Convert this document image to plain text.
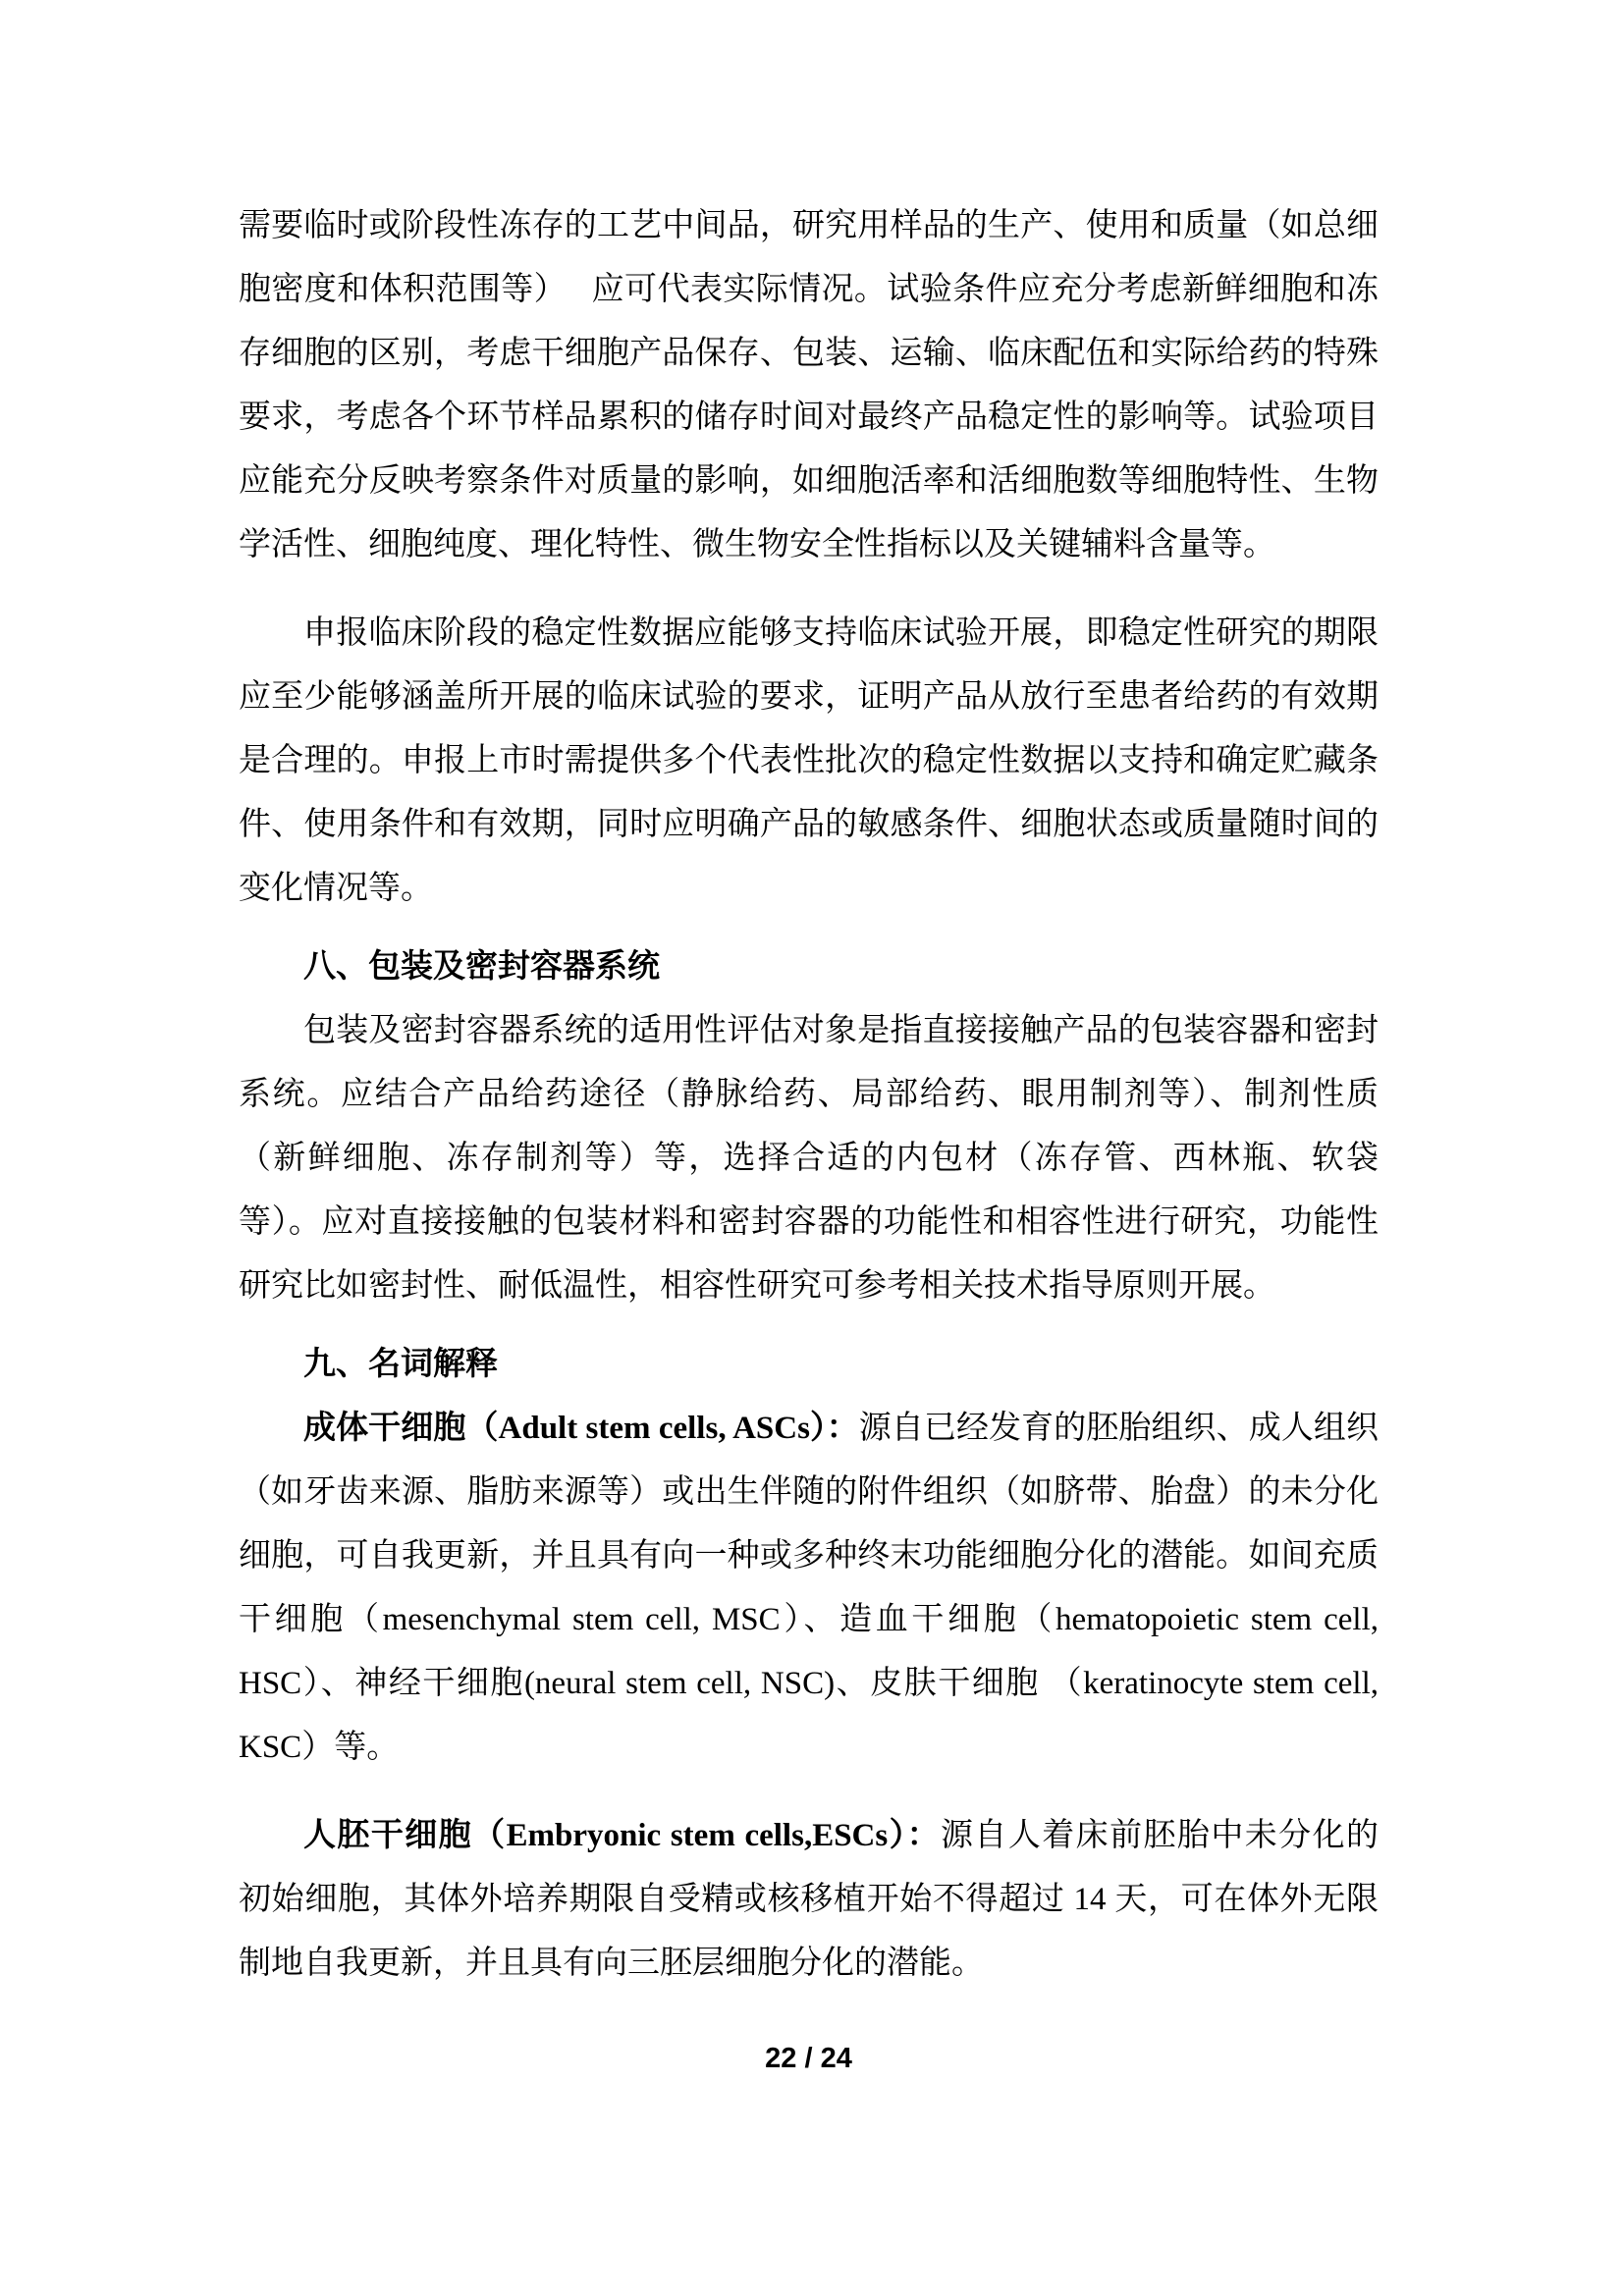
需要临时或阶段性冻存的工艺中间品，研究用样品的生产、使用和质量（如总细胞密度和体积范围等）　 应可代表实际情况。试验条件应充分考虑新鲜细胞和冻存细胞的区别，考虑干细胞产品保存、包装、运输、临床配伍和实际给药的特殊要求，考虑各个环节样品累积的储存时间对最终产品稳定性的影响等。试验项目应能充分反映考察条件对质量的影响，如细胞活率和活细胞数等细胞特性、生物学活性、细胞纯度、理化特性、微生物安全性指标以及关键辅料含量等。

申报临床阶段的稳定性数据应能够支持临床试验开展，即稳定性研究的期限应至少能够涵盖所开展的临床试验的要求，证明产品从放行至患者给药的有效期是合理的。申报上市时需提供多个代表性批次的稳定性数据以支持和确定贮藏条件、使用条件和有效期，同时应明确产品的敏感条件、细胞状态或质量随时间的变化情况等。

八、包装及密封容器系统

包装及密封容器系统的适用性评估对象是指直接接触产品的包装容器和密封系统。应结合产品给药途径（静脉给药、局部给药、眼用制剂等）、制剂性质（新鲜细胞、冻存制剂等）等，选择合适的内包材（冻存管、西林瓶、软袋等）。应对直接接触的包装材料和密封容器的功能性和相容性进行研究，功能性研究比如密封性、耐低温性，相容性研究可参考相关技术指导原则开展。

九、名词解释

成体干细胞（Adult stem cells, ASCs）：源自已经发育的胚胎组织、成人组织（如牙齿来源、脂肪来源等）或出生伴随的附件组织（如脐带、胎盘）的未分化细胞，可自我更新，并且具有向一种或多种终末功能细胞分化的潜能。如间充质干细胞（mesenchymal stem cell, MSC）、造血干细胞（hematopoietic stem cell, HSC）、神经干细胞(neural stem cell, NSC)、皮肤干细胞 （keratinocyte stem cell, KSC）等。

人胚干细胞（Embryonic stem cells,ESCs）：源自人着床前胚胎中未分化的初始细胞，其体外培养期限自受精或核移植开始不得超过 14 天，可在体外无限制地自我更新，并且具有向三胚层细胞分化的潜能。

22 / 24
